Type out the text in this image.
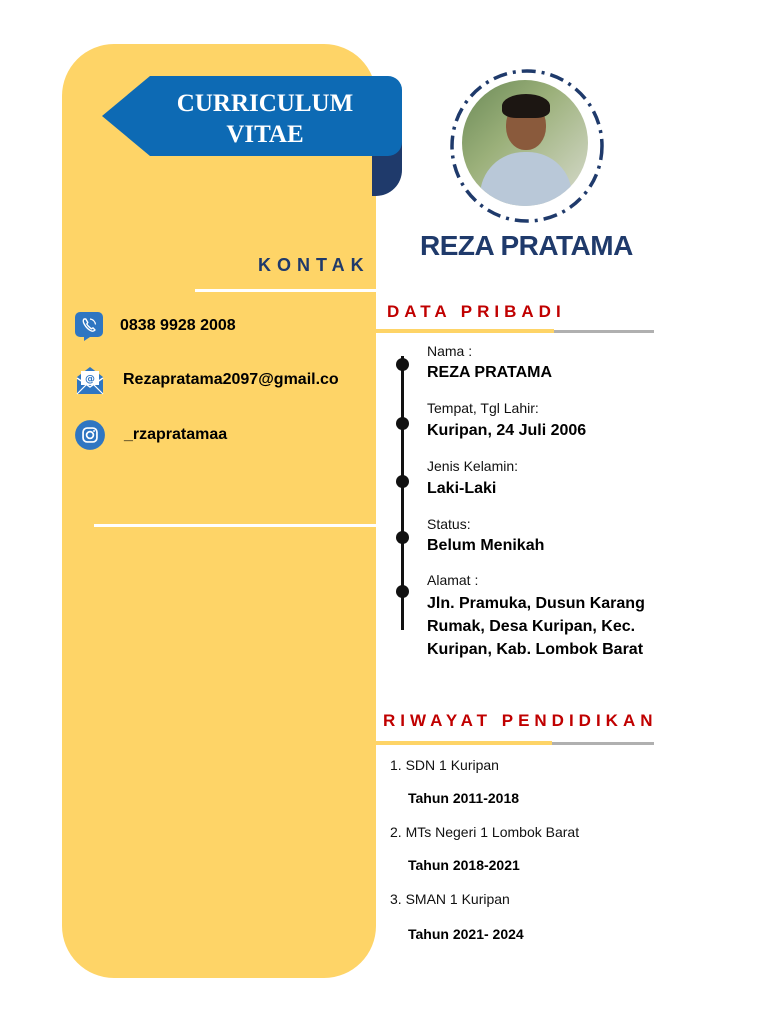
CURRICULUM
VITAE
KONTAK
0838 9928 2008
@ Rezapratama2097@gmail.co
_rzapratamaa
REZA PRATAMA
DATA PRIBADI
Nama :
REZA PRATAMA
Tempat, Tgl Lahir:
Kuripan, 24 Juli 2006
Jenis Kelamin:
Laki-Laki
Status:
Belum Menikah
Alamat :
Jln. Pramuka, Dusun Karang Rumak, Desa Kuripan, Kec. Kuripan, Kab. Lombok Barat
RIWAYAT PENDIDIKAN
1. SDN 1 Kuripan
Tahun 2011-2018
2. MTs Negeri 1 Lombok Barat
Tahun 2018-2021
3. SMAN 1 Kuripan
Tahun 2021- 2024
